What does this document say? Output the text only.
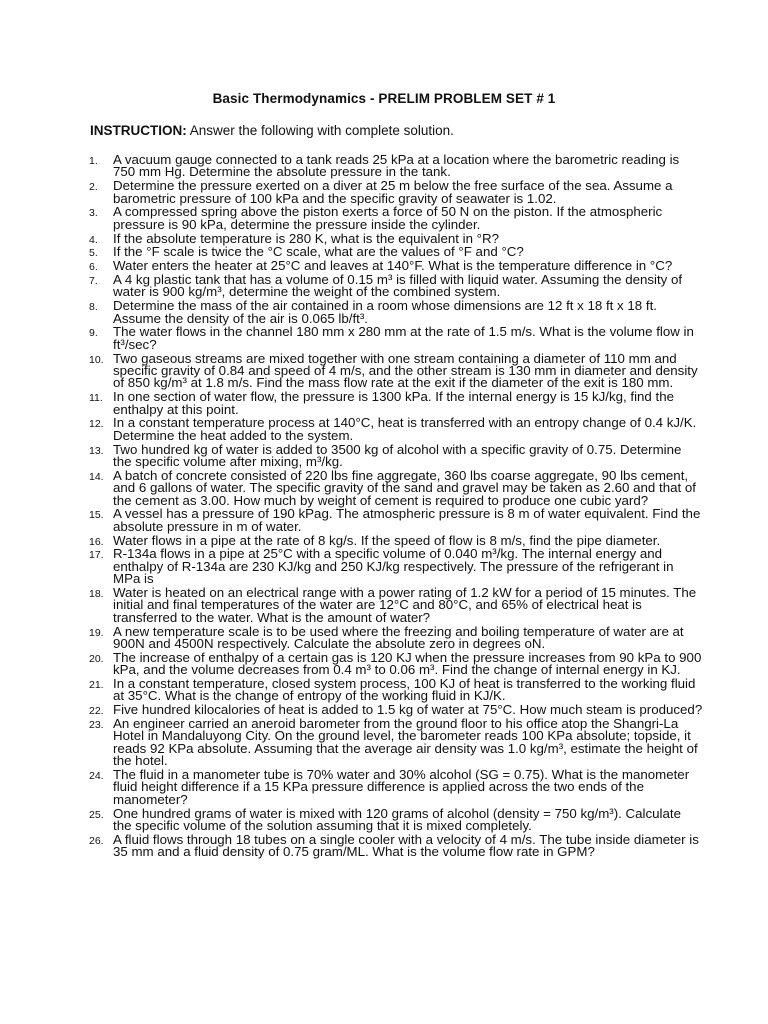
Basic Thermodynamics - PRELIM PROBLEM SET # 1
INSTRUCTION: Answer the following with complete solution.
1.	A vacuum gauge connected to a tank reads 25 kPa at a location where the barometric reading is 750 mm Hg. Determine the absolute pressure in the tank.
2.	Determine the pressure exerted on a diver at 25 m below the free surface of the sea. Assume a barometric pressure of 100 kPa and the specific gravity of seawater is 1.02.
3.	A compressed spring above the piston exerts a force of 50 N on the piston. If the atmospheric pressure is 90 kPa, determine the pressure inside the cylinder.
4.	If the absolute temperature is 280 K, what is the equivalent in °R?
5.	If the °F scale is twice the °C scale, what are the values of °F and °C?
6.	Water enters the heater at 25°C and leaves at 140°F. What is the temperature difference in °C?
7.	A 4 kg plastic tank that has a volume of 0.15 m³ is filled with liquid water. Assuming the density of water is 900 kg/m³, determine the weight of the combined system.
8.	Determine the mass of the air contained in a room whose dimensions are 12 ft x 18 ft x 18 ft. Assume the density of the air is 0.065 lb/ft³.
9.	The water flows in the channel 180 mm x 280 mm at the rate of 1.5 m/s. What is the volume flow in ft³/sec?
10. Two gaseous streams are mixed together with one stream containing a diameter of 110 mm and specific gravity of 0.84 and speed of 4 m/s, and the other stream is 130 mm in diameter and density of 850 kg/m³ at 1.8 m/s. Find the mass flow rate at the exit if the diameter of the exit is 180 mm.
11. In one section of water flow, the pressure is 1300 kPa. If the internal energy is 15 kJ/kg, find the enthalpy at this point.
12. In a constant temperature process at 140°C, heat is transferred with an entropy change of 0.4 kJ/K. Determine the heat added to the system.
13. Two hundred kg of water is added to 3500 kg of alcohol with a specific gravity of 0.75. Determine the specific volume after mixing, m³/kg.
14. A batch of concrete consisted of 220 lbs fine aggregate, 360 lbs coarse aggregate, 90 lbs cement, and 6 gallons of water. The specific gravity of the sand and gravel may be taken as 2.60 and that of the cement as 3.00. How much by weight of cement is required to produce one cubic yard?
15. A vessel has a pressure of 190 kPag. The atmospheric pressure is 8 m of water equivalent. Find the absolute pressure in m of water.
16. Water flows in a pipe at the rate of 8 kg/s. If the speed of flow is 8 m/s, find the pipe diameter.
17. R-134a flows in a pipe at 25°C with a specific volume of 0.040 m³/kg. The internal energy and enthalpy of R-134a are 230 KJ/kg and 250 KJ/kg respectively. The pressure of the refrigerant in MPa is
18. Water is heated on an electrical range with a power rating of 1.2 kW for a period of 15 minutes. The initial and final temperatures of the water are 12°C and 80°C, and 65% of electrical heat is transferred to the water. What is the amount of water?
19. A new temperature scale is to be used where the freezing and boiling temperature of water are at 900N and 4500N respectively. Calculate the absolute zero in degrees oN.
20. The increase of enthalpy of a certain gas is 120 KJ when the pressure increases from 90 kPa to 900 kPa, and the volume decreases from 0.4 m³ to 0.06 m³. Find the change of internal energy in KJ.
21. In a constant temperature, closed system process, 100 KJ of heat is transferred to the working fluid at 35°C. What is the change of entropy of the working fluid in KJ/K.
22. Five hundred kilocalories of heat is added to 1.5 kg of water at 75°C. How much steam is produced?
23. An engineer carried an aneroid barometer from the ground floor to his office atop the Shangri-La Hotel in Mandaluyong City. On the ground level, the barometer reads 100 KPa absolute; topside, it reads 92 KPa absolute. Assuming that the average air density was 1.0 kg/m³, estimate the height of the hotel.
24. The fluid in a manometer tube is 70% water and 30% alcohol (SG = 0.75). What is the manometer fluid height difference if a 15 KPa pressure difference is applied across the two ends of the manometer?
25. One hundred grams of water is mixed with 120 grams of alcohol (density = 750 kg/m³). Calculate the specific volume of the solution assuming that it is mixed completely.
26. A fluid flows through 18 tubes on a single cooler with a velocity of 4 m/s. The tube inside diameter is 35 mm and a fluid density of 0.75 gram/ML. What is the volume flow rate in GPM?
